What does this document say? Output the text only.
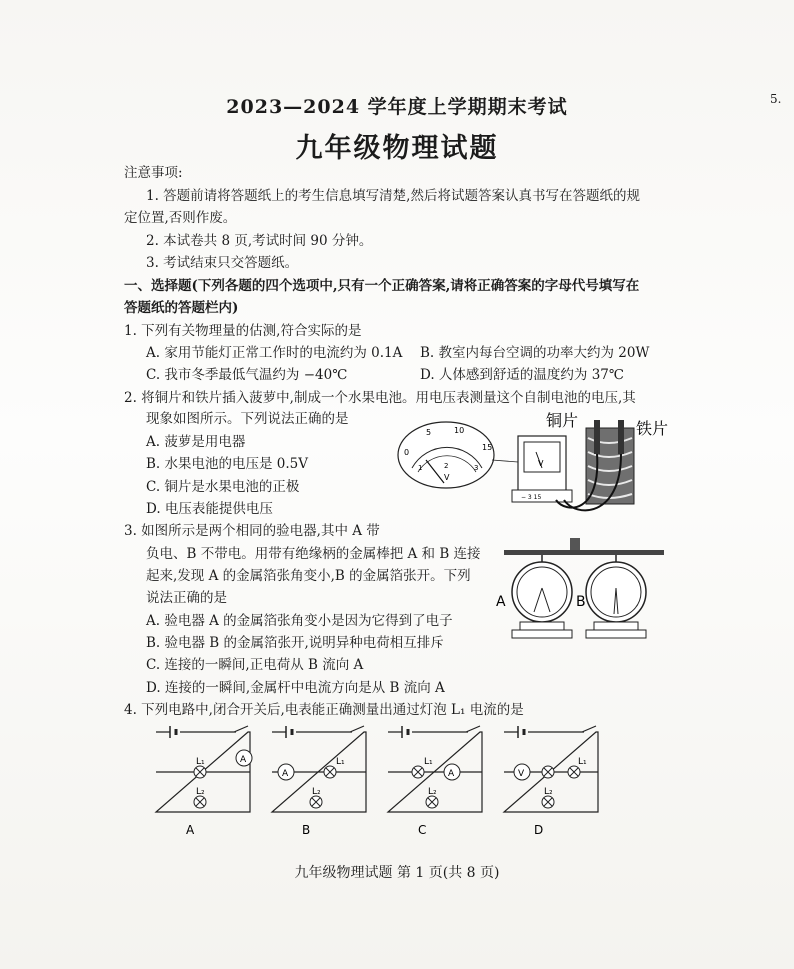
5.
2023—2024 学年度上学期期末考试
九年级物理试题
注意事项:
1. 答题前请将答题纸上的考生信息填写清楚,然后将试题答案认真书写在答题纸的规
定位置,否则作废。
2. 本试卷共 8 页,考试时间 90 分钟。
3. 考试结束只交答题纸。
一、选择题(下列各题的四个选项中,只有一个正确答案,请将正确答案的字母代号填写在
答题纸的答题栏内)
1. 下列有关物理量的估测,符合实际的是
A. 家用节能灯正常工作时的电流约为 0.1A B. 教室内每台空调的功率大约为 20W
C. 我市冬季最低气温约为 −40℃	D. 人体感到舒适的温度约为 37℃
2. 将铜片和铁片插入菠萝中,制成一个水果电池。用电压表测量这个自制电池的电压,其
现象如图所示。下列说法正确的是
A. 菠萝是用电器
B. 水果电池的电压是 0.5V
C. 铜片是水果电池的正极
D. 电压表能提供电压
0
5	10
15
1	2	3
V
V
− 3 15
铜片	铁片
3. 如图所示是两个相同的验电器,其中 A 带
负电、B 不带电。用带有绝缘柄的金属棒把 A 和 B 连接
起来,发现 A 的金属箔张角变小,B 的金属箔张开。下列
说法正确的是
A. 验电器 A 的金属箔张角变小是因为它得到了电子
B. 验电器 B 的金属箔张开,说明异种电荷相互排斥
C. 连接的一瞬间,正电荷从 B 流向 A
D. 连接的一瞬间,金属杆中电流方向是从 B 流向 A
A	B
4. 下列电路中,闭合开关后,电表能正确测量出通过灯泡 L₁ 电流的是
A
L₁
L₂
A
A
L₁
L₂
B
A
L₁
L₂
C
V
L₁
L₂
D
九年级物理试题 第 1 页(共 8 页)
